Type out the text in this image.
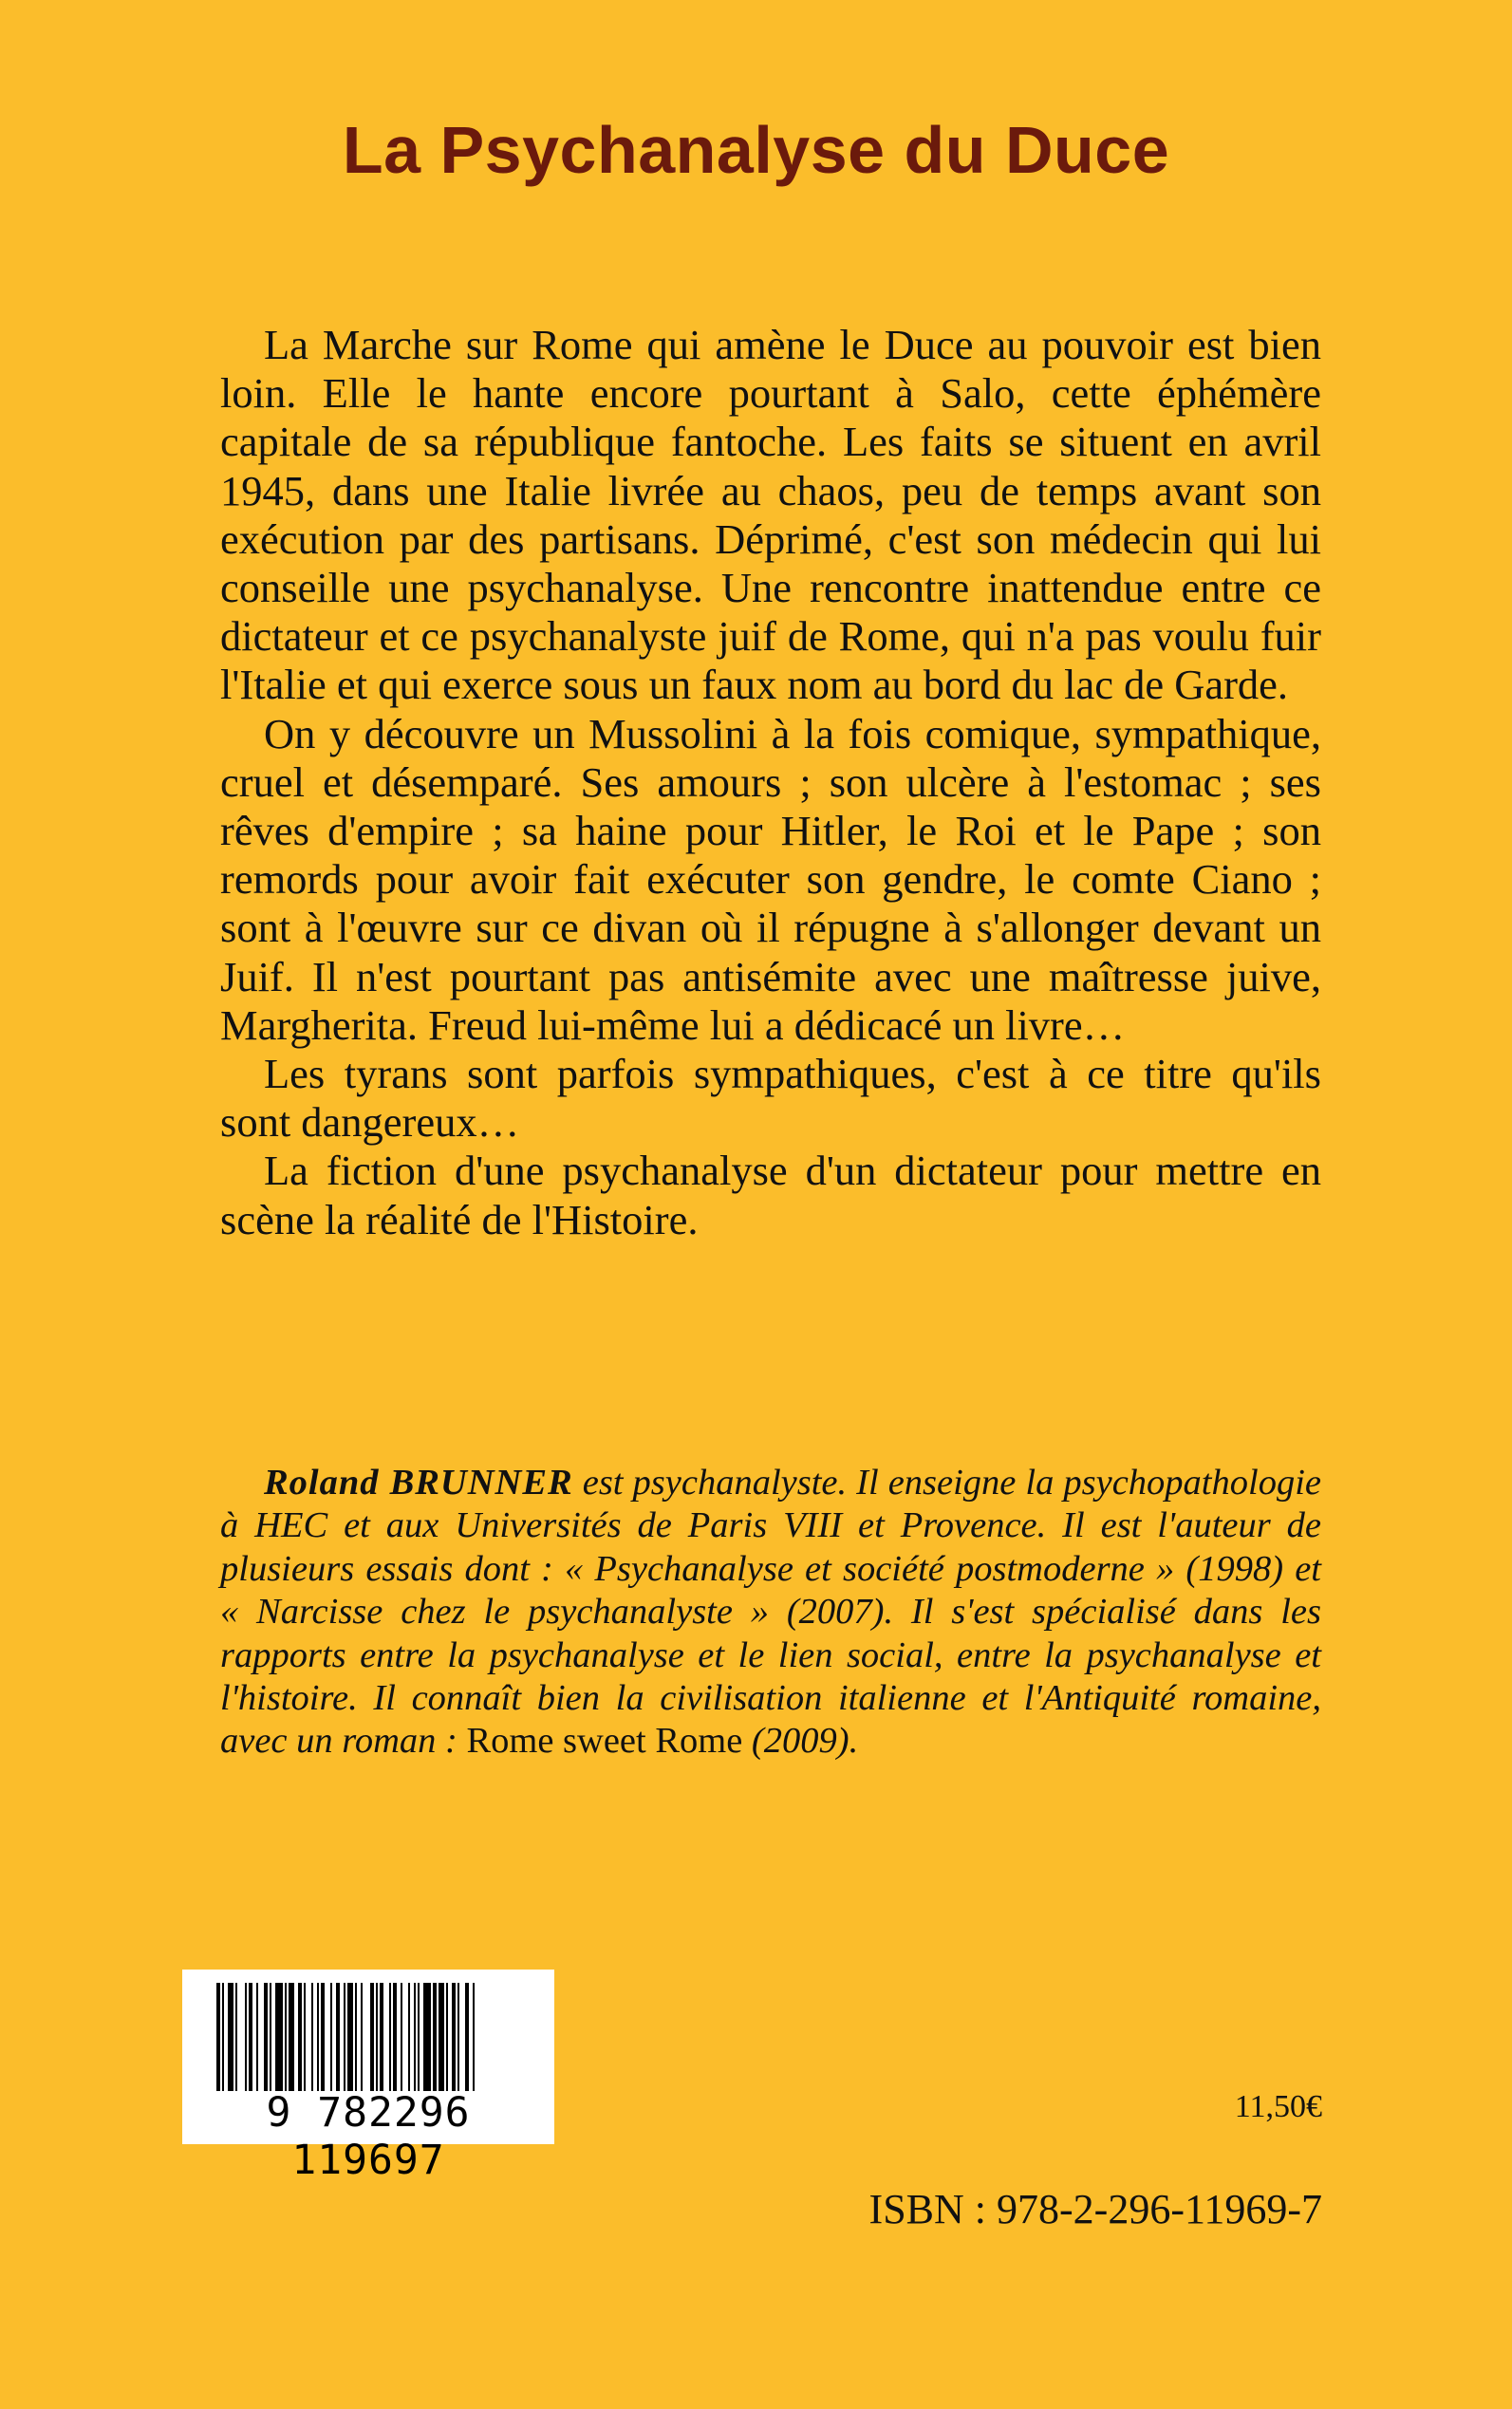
La Psychanalyse du Duce

La Marche sur Rome qui amène le Duce au pouvoir est bien loin. Elle le hante encore pourtant à Salo, cette éphémère capitale de sa république fantoche. Les faits se situent en avril 1945, dans une Italie livrée au chaos, peu de temps avant son exécution par des partisans. Déprimé, c'est son médecin qui lui conseille une psychanalyse. Une rencontre inattendue entre ce dictateur et ce psychanalyste juif de Rome, qui n'a pas voulu fuir l'Italie et qui exerce sous un faux nom au bord du lac de Garde.

On y découvre un Mussolini à la fois comique, sympathique, cruel et désemparé. Ses amours ; son ulcère à l'estomac ; ses rêves d'empire ; sa haine pour Hitler, le Roi et le Pape ; son remords pour avoir fait exécuter son gendre, le comte Ciano ; sont à l'œuvre sur ce divan où il répugne à s'allonger devant un Juif. Il n'est pourtant pas antisémite avec une maîtresse juive, Margherita. Freud lui-même lui a dédicacé un livre…

Les tyrans sont parfois sympathiques, c'est à ce titre qu'ils sont dangereux…

La fiction d'une psychanalyse d'un dictateur pour mettre en scène la réalité de l'Histoire.

Roland BRUNNER est psychanalyste. Il enseigne la psychopathologie à HEC et aux Universités de Paris VIII et Provence. Il est l'auteur de plusieurs essais dont : « Psychanalyse et société postmoderne » (1998) et « Narcisse chez le psychanalyste » (2007). Il s'est spécialisé dans les rapports entre la psychanalyse et le lien social, entre la psychanalyse et l'histoire. Il connaît bien la civilisation italienne et l'Antiquité romaine, avec un roman : Rome sweet Rome (2009).

9 782296 119697
11,50€
ISBN : 978-2-296-11969-7
